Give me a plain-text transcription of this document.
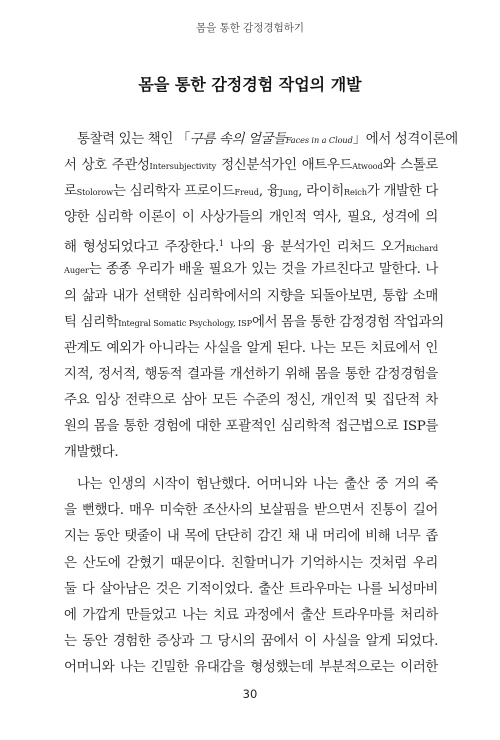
몸을 통한 감정경험하기
몸을 통한 감정경험 작업의 개발
통찰력 있는 책인 「구름 속의 얼굴들Faces in a Cloud」에서 성격이론에
서 상호 주관성Intersubjectivity 정신분석가인 애트우드Atwood와 스톨로
로Stolorow는 심리학자 프로이드Freud, 융Jung, 라이히Reich가 개발한 다
양한 심리학 이론이 이 사상가들의 개인적 역사, 필요, 성격에 의
해 형성되었다고 주장한다.$^1$ 나의 융 분석가인 리처드 오거Richard
Auger는 종종 우리가 배울 필요가 있는 것을 가르친다고 말한다. 나
의 삶과 내가 선택한 심리학에서의 지향을 되돌아보면, 통합 소매
틱 심리학Integral Somatic Psychology, ISP에서 몸을 통한 감정경험 작업과의
관계도 예외가 아니라는 사실을 알게 된다. 나는 모든 치료에서 인
지적, 정서적, 행동적 결과를 개선하기 위해 몸을 통한 감정경험을
주요 임상 전략으로 삼아 모든 수준의 정신, 개인적 및 집단적 차
원의 몸을 통한 경험에 대한 포괄적인 심리학적 접근법으로 ISP를
개발했다.
나는 인생의 시작이 험난했다. 어머니와 나는 출산 중 거의 죽
을 뻔했다. 매우 미숙한 조산사의 보살핌을 받으면서 진통이 길어
지는 동안 탯줄이 내 목에 단단히 감긴 채 내 머리에 비해 너무 좁
은 산도에 갇혔기 때문이다. 친할머니가 기억하시는 것처럼 우리
둘 다 살아남은 것은 기적이었다. 출산 트라우마는 나를 뇌성마비
에 가깝게 만들었고 나는 치료 과정에서 출산 트라우마를 처리하
는 동안 경험한 증상과 그 당시의 꿈에서 이 사실을 알게 되었다.
어머니와 나는 긴밀한 유대감을 형성했는데 부분적으로는 이러한
30
